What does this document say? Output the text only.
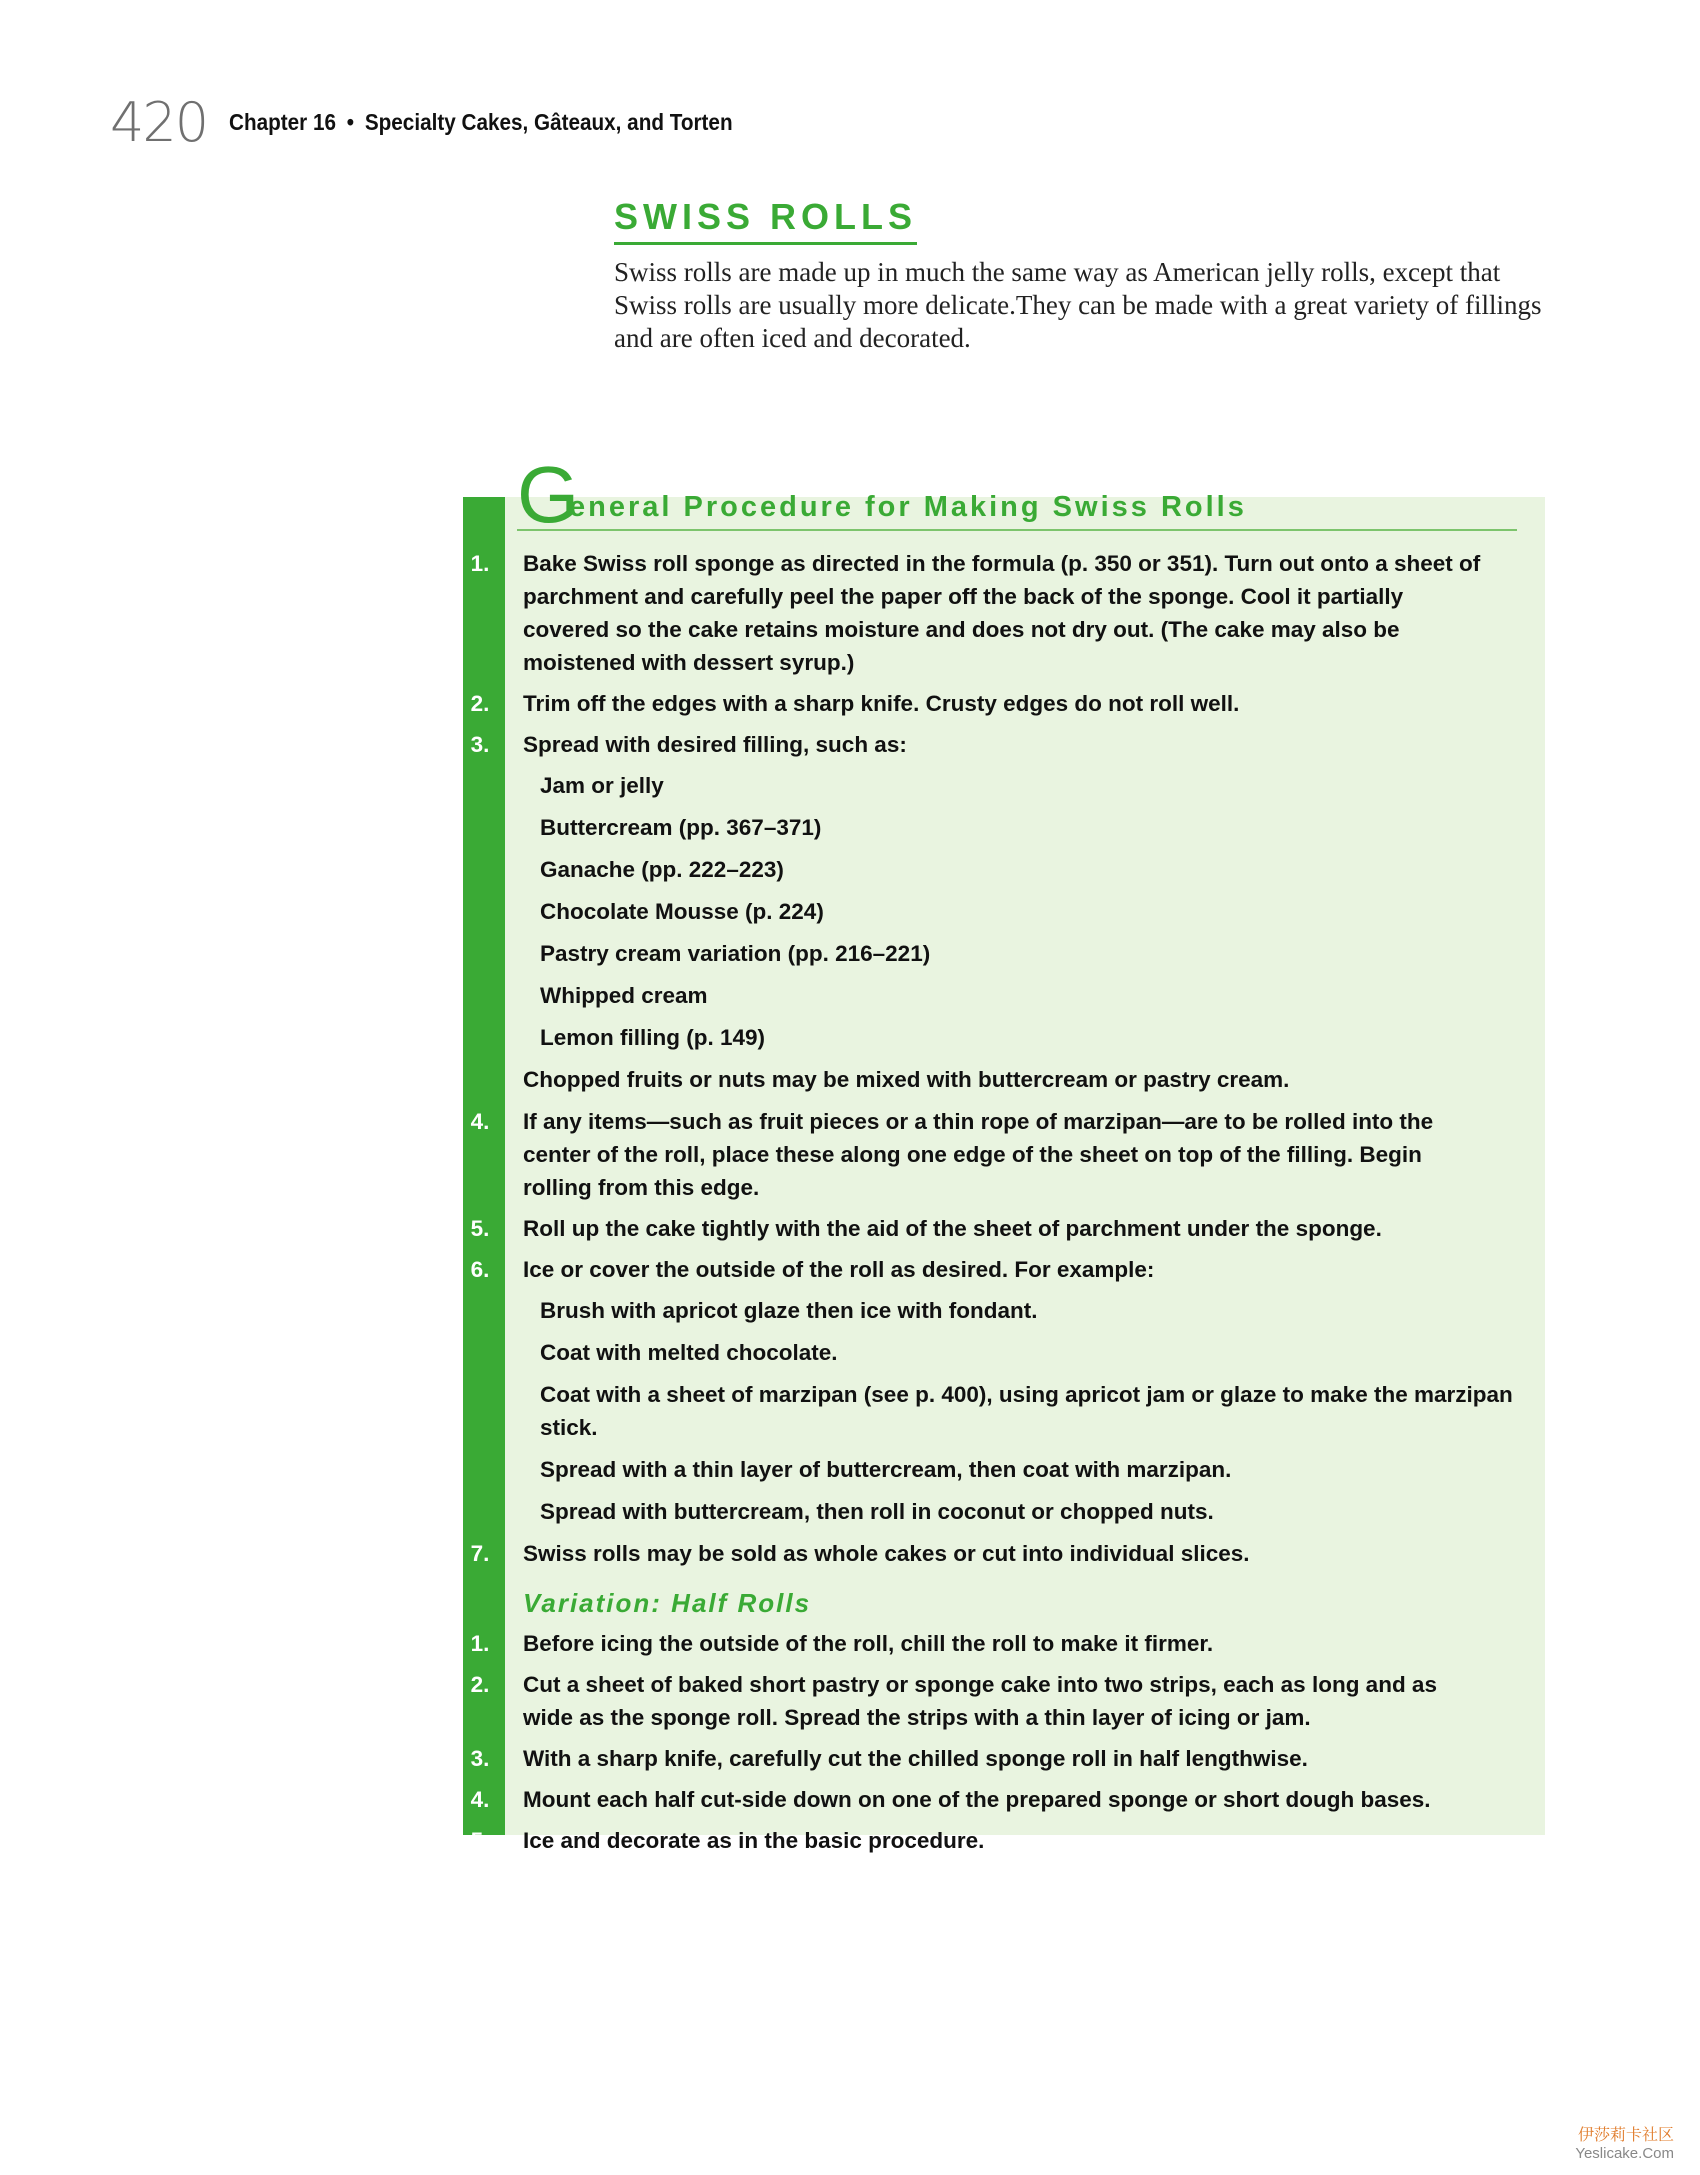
420 Chapter 16 • Specialty Cakes, Gâteaux, and Torten
SWISS ROLLS

Swiss rolls are made up in much the same way as American jelly rolls, except that Swiss rolls are usually more delicate.They can be made with a great variety of fillings and are often iced and decorated.

G
eneral Procedure for Making Swiss Rolls
1.	Bake Swiss roll sponge as directed in the formula (p. 350 or 351). Turn out onto a sheet of parchment and carefully peel the paper off the back of the sponge. Cool it partially covered so the cake retains moisture and does not dry out. (The cake may also be moistened with dessert syrup.)
2.	Trim off the edges with a sharp knife. Crusty edges do not roll well.
3.	Spread with desired filling, such as:
Jam or jelly
Buttercream (pp. 367–371)
Ganache (pp. 222–223)
Chocolate Mousse (p. 224)
Pastry cream variation (pp. 216–221)
Whipped cream
Lemon filling (p. 149)
Chopped fruits or nuts may be mixed with buttercream or pastry cream.
4.	If any items—such as fruit pieces or a thin rope of marzipan—are to be rolled into the center of the roll, place these along one edge of the sheet on top of the filling. Begin rolling from this edge.
5.	Roll up the cake tightly with the aid of the sheet of parchment under the sponge.
6.	Ice or cover the outside of the roll as desired. For example:
Brush with apricot glaze then ice with fondant.
Coat with melted chocolate.
Coat with a sheet of marzipan (see p. 400), using apricot jam or glaze to make the marzipan stick.
Spread with a thin layer of buttercream, then coat with marzipan.
Spread with buttercream, then roll in coconut or chopped nuts.
7.	Swiss rolls may be sold as whole cakes or cut into individual slices.
Variation: Half Rolls
1.	Before icing the outside of the roll, chill the roll to make it firmer.
2.	Cut a sheet of baked short pastry or sponge cake into two strips, each as long and as wide as the sponge roll. Spread the strips with a thin layer of icing or jam.
3.	With a sharp knife, carefully cut the chilled sponge roll in half lengthwise.
4.	Mount each half cut-side down on one of the prepared sponge or short dough bases.
5.	Ice and decorate as in the basic procedure.
伊莎莉卡社区
Yeslicake.Com
